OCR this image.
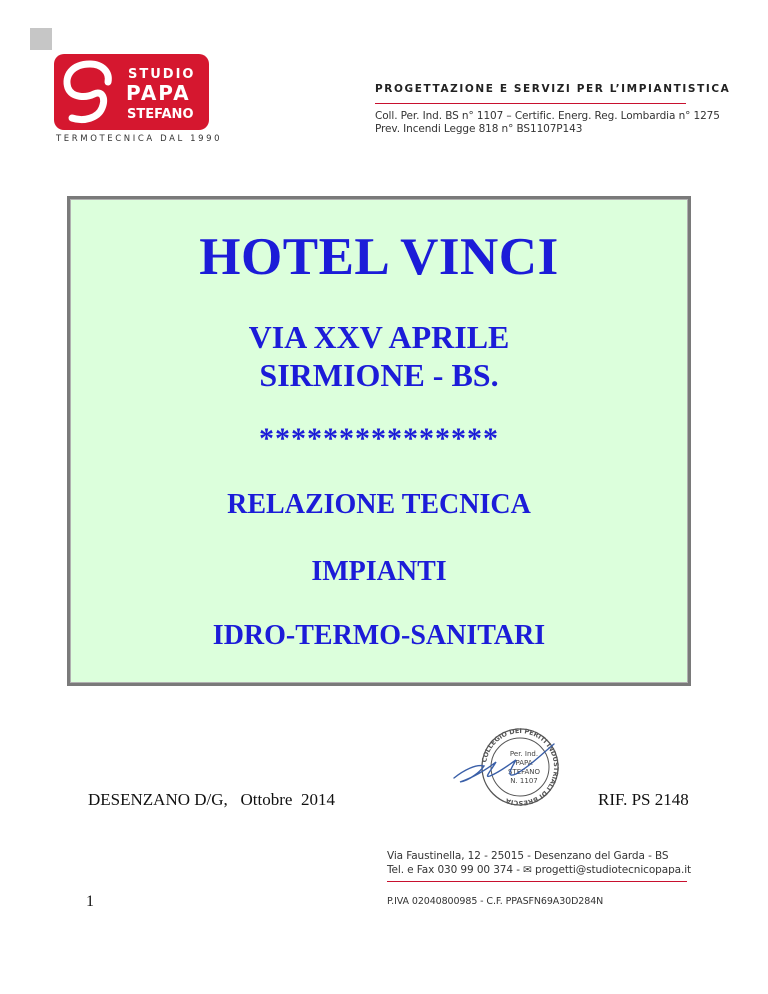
STUDIO
PAPA
STEFANO
TERMOTECNICA DAL 1990
PROGETTAZIONE E SERVIZI PER L’IMPIANTISTICA
Coll. Per. Ind. BS n° 1107 – Certific. Energ. Reg. Lombardia n° 1275
Prev. Incendi Legge 818 n° BS1107P143
HOTEL VINCI
VIA XXV APRILE
SIRMIONE - BS.
***************
RELAZIONE TECNICA
IMPIANTI
IDRO-TERMO-SANITARI
COLLEGIO DEI PERITI INDUSTRIALI DI BRESCIA
Per. Ind.
PAPA
STEFANO
N. 1107
DESENZANO D/G,   Ottobre  2014	RIF. PS 2148
Via Faustinella, 12 - 25015 - Desenzano del Garda - BS
Tel. e Fax 030 99 00 374 - ✉ progetti@studiotecnicopapa.it
P.IVA 02040800985 - C.F. PPASFN69A30D284N
1
